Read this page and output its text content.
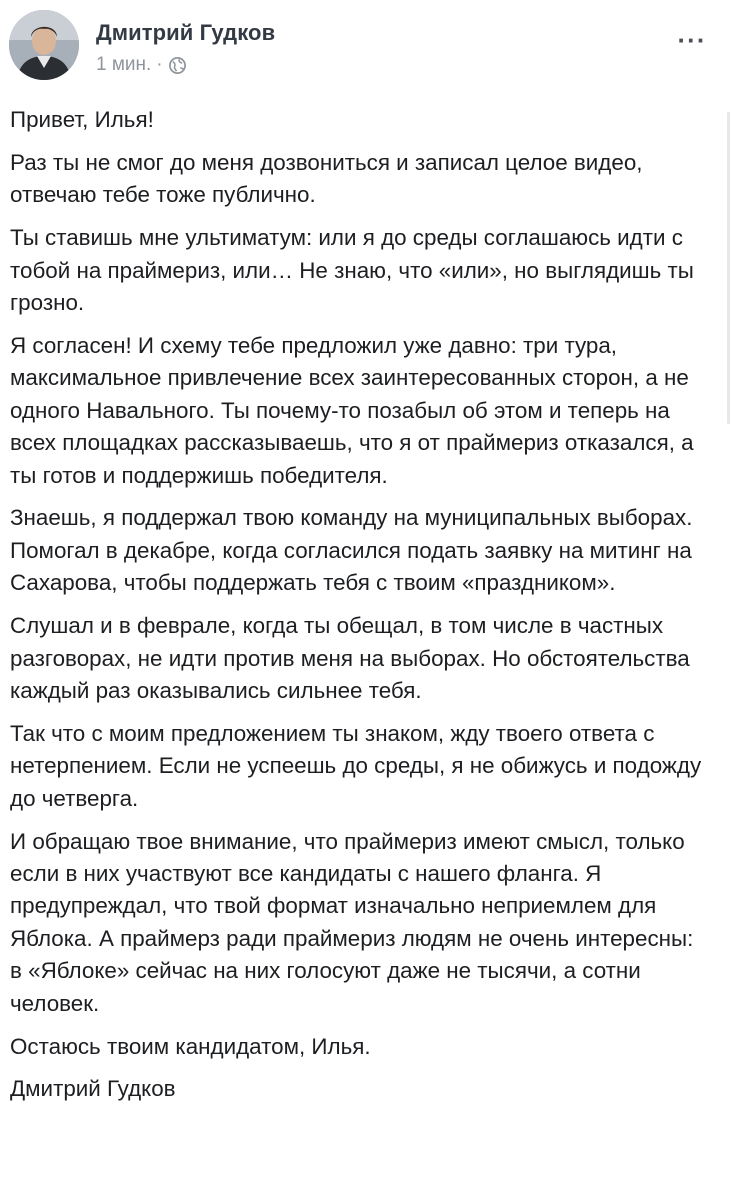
Дмитрий Гудков
1 мин. ·
···

Привет, Илья!

Раз ты не смог до меня дозвониться и записал целое видео, отвечаю тебе тоже публично.

Ты ставишь мне ультиматум: или я до среды соглашаюсь идти с тобой на праймериз, или… Не знаю, что «или», но выглядишь ты грозно.

Я согласен! И схему тебе предложил уже давно: три тура, максимальное привлечение всех заинтересованных сторон, а не одного Навального. Ты почему-то позабыл об этом и теперь на всех площадках рассказываешь, что я от праймериз отказался, а ты готов и поддержишь победителя.

Знаешь, я поддержал твою команду на муниципальных выборах. Помогал в декабре, когда согласился подать заявку на митинг на Сахарова, чтобы поддержать тебя с твоим «праздником».

Слушал и в феврале, когда ты обещал, в том числе в частных разговорах, не идти против меня на выборах. Но обстоятельства каждый раз оказывались сильнее тебя.

Так что с моим предложением ты знаком, жду твоего ответа с нетерпением. Если не успеешь до среды, я не обижусь и подожду до четверга.

И обращаю твое внимание, что праймериз имеют смысл, только если в них участвуют все кандидаты с нашего фланга. Я предупреждал, что твой формат изначально неприемлем для Яблока. А праймерз ради праймериз людям не очень интересны: в «Яблоке» сейчас на них голосуют даже не тысячи, а сотни человек.

Остаюсь твоим кандидатом, Илья.

Дмитрий Гудков
